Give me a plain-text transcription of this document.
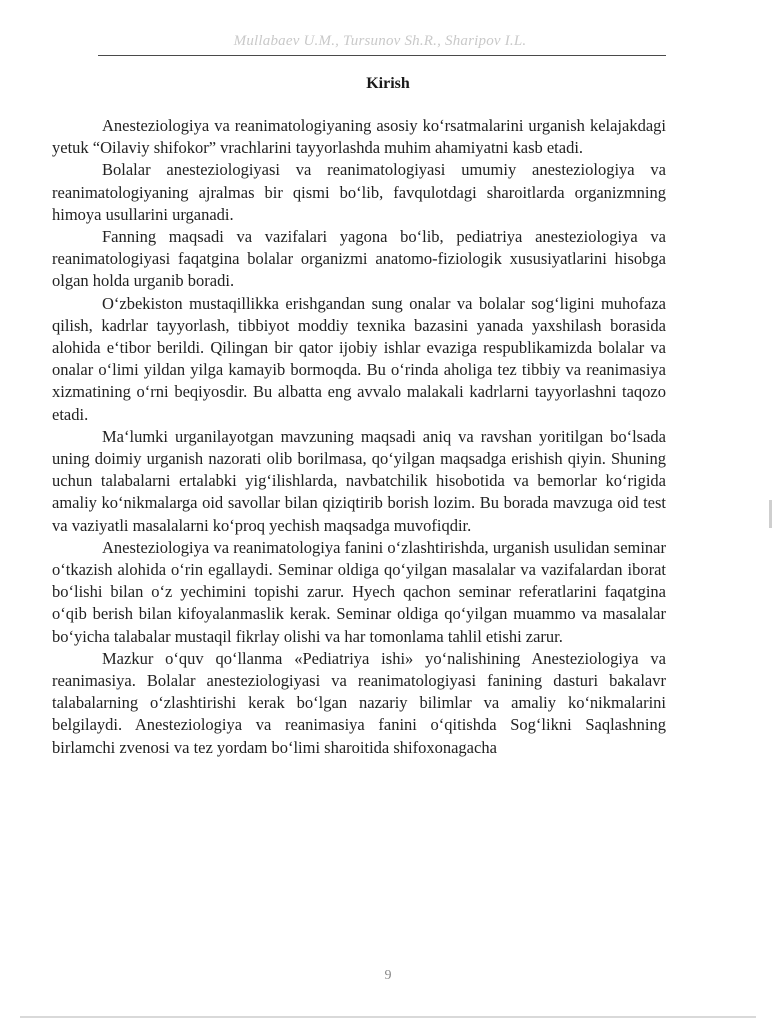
Mullabaev U.M., Tursunov Sh.R., Sharipov I.L.
Kirish

Anesteziologiya va reanimatologiyaning asosiy ko‘rsatmalarini urganish kelajakdagi yetuk “Oilaviy shifokor” vrachlarini tayyorlashda muhim ahamiyatni kasb etadi.

Bolalar anesteziologiyasi va reanimatologiyasi umumiy anesteziologiya va reanimatologiyaning ajralmas bir qismi bo‘lib, favqulotdagi sharoitlarda organizmning himoya usullarini urganadi.

Fanning maqsadi va vazifalari yagona bo‘lib, pediatriya anesteziologiya va reanimatologiyasi faqatgina bolalar organizmi anatomo-fiziologik xususiyatlarini hisobga olgan holda urganib boradi.

O‘zbekiston mustaqillikka erishgandan sung onalar va bolalar sog‘ligini muhofaza qilish, kadrlar tayyorlash, tibbiyot moddiy texnika bazasini yanada yaxshilash borasida alohida e‘tibor berildi. Qilingan bir qator ijobiy ishlar evaziga respublikamizda bolalar va onalar o‘limi yildan yilga kamayib bormoqda. Bu o‘rinda aholiga tez tibbiy va reanimasiya xizmatining o‘rni beqiyosdir. Bu albatta eng avvalo malakali kadrlarni tayyorlashni taqozo etadi.

Ma‘lumki urganilayotgan mavzuning maqsadi aniq va ravshan yoritilgan bo‘lsada uning doimiy urganish nazorati olib borilmasa, qo‘yilgan maqsadga erishish qiyin. Shuning uchun talabalarni ertalabki yig‘ilishlarda, navbatchilik hisobotida va bemorlar ko‘rigida amaliy ko‘nikmalarga oid savollar bilan qiziqtirib borish lozim. Bu borada mavzuga oid test va vaziyatli masalalarni ko‘proq yechish maqsadga muvofiqdir.

Anesteziologiya va reanimatologiya fanini o‘zlashtirishda, urganish usulidan seminar o‘tkazish alohida o‘rin egallaydi. Seminar oldiga qo‘yilgan masalalar va vazifalardan iborat bo‘lishi bilan o‘z yechimini topishi zarur. Hyech qachon seminar referatlarini faqatgina o‘qib berish bilan kifoyalanmaslik kerak. Seminar oldiga qo‘yilgan muammo va masalalar bo‘yicha talabalar mustaqil fikrlay olishi va har tomonlama tahlil etishi zarur.

Mazkur o‘quv qo‘llanma «Pediatriya ishi» yo‘nalishining Anesteziologiya va reanimasiya. Bolalar anesteziologiyasi va reanimatologiyasi fanining dasturi bakalavr talabalarning o‘zlashtirishi kerak bo‘lgan nazariy bilimlar va amaliy ko‘nikmalarini belgilaydi. Anesteziologiya va reanimasiya fanini o‘qitishda Sog‘likni Saqlashning birlamchi zvenosi va tez yordam bo‘limi sharoitida shifoxonagacha

9
